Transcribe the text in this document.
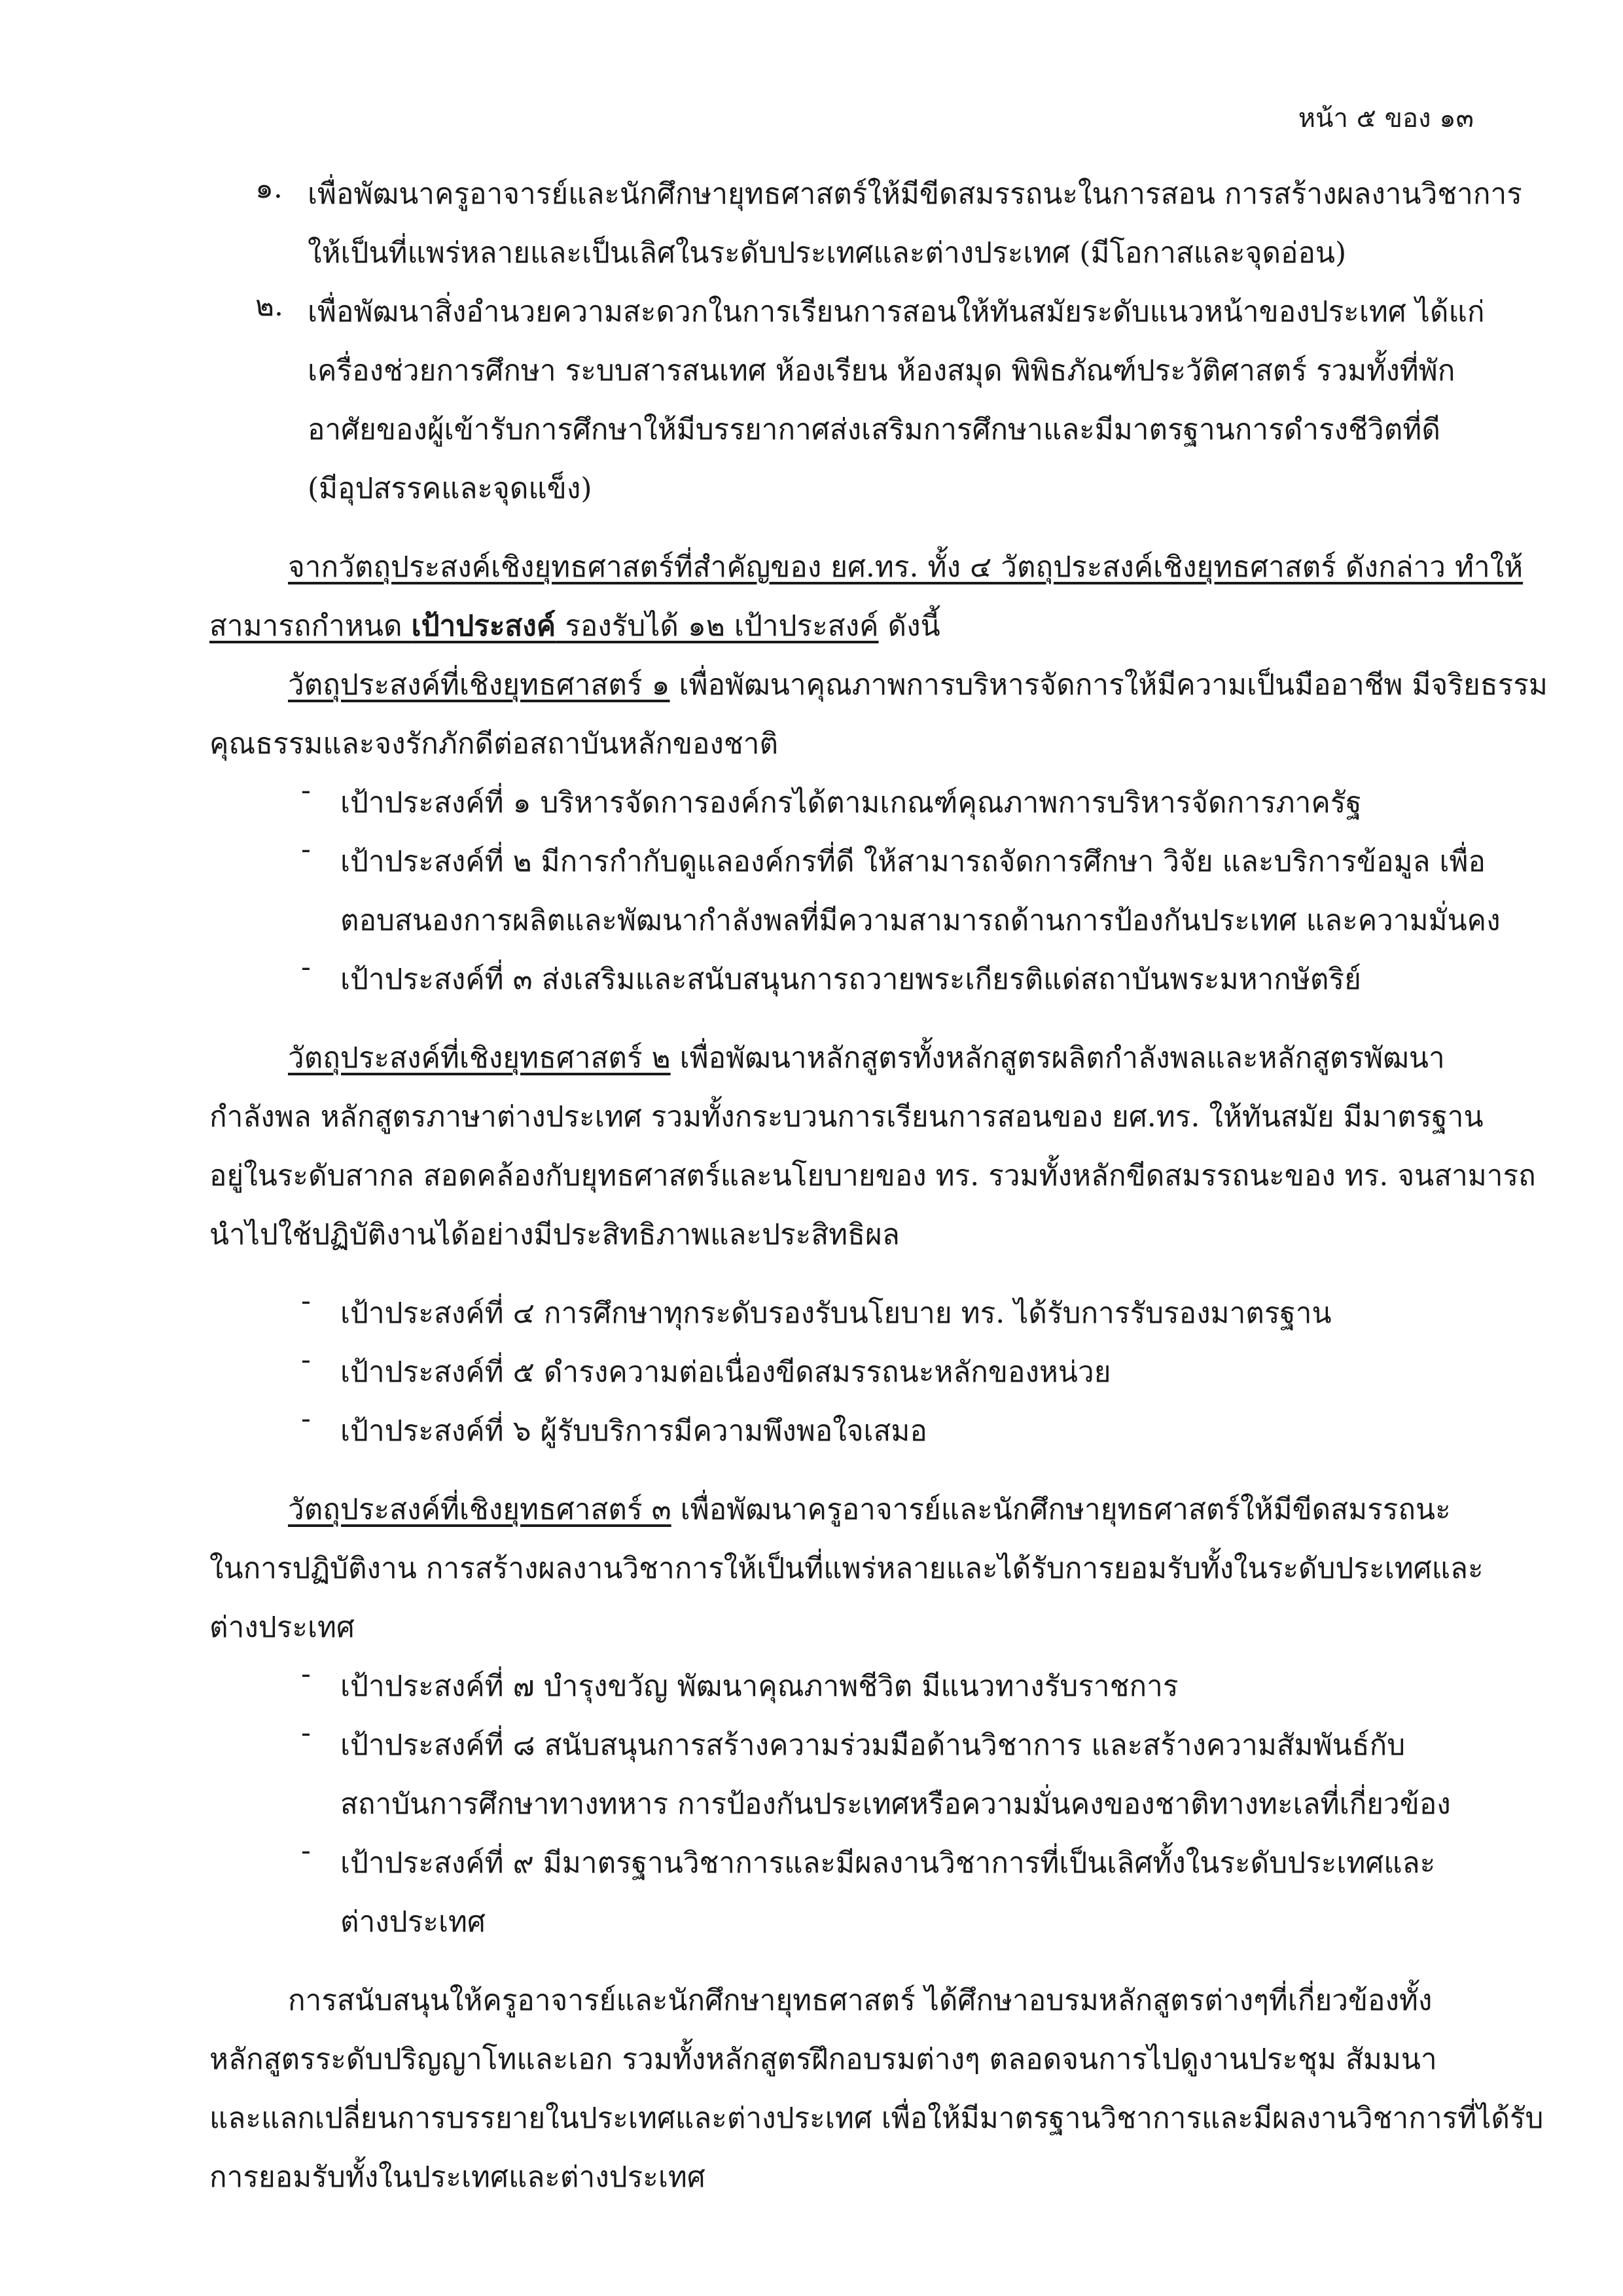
หน้า ๕ ของ ๑๓
๑. เพื่อพัฒนาครูอาจารย์และนักศึกษายุทธศาสตร์ให้มีขีดสมรรถนะในการสอน การสร้างผลงานวิชาการ
ให้เป็นที่แพร่หลายและเป็นเลิศในระดับประเทศและต่างประเทศ (มีโอกาสและจุดอ่อน)
๒. เพื่อพัฒนาสิ่งอำนวยความสะดวกในการเรียนการสอนให้ทันสมัยระดับแนวหน้าของประเทศ ได้แก่
เครื่องช่วยการศึกษา ระบบสารสนเทศ ห้องเรียน ห้องสมุด พิพิธภัณฑ์ประวัติศาสตร์ รวมทั้งที่พัก
อาศัยของผู้เข้ารับการศึกษาให้มีบรรยากาศส่งเสริมการศึกษาและมีมาตรฐานการดำรงชีวิตที่ดี
(มีอุปสรรคและจุดแข็ง)
จากวัตถุประสงค์เชิงยุทธศาสตร์ที่สำคัญของ ยศ.ทร. ทั้ง ๔ วัตถุประสงค์เชิงยุทธศาสตร์ ดังกล่าว ทำให้
สามารถกำหนด เป้าประสงค์ รองรับได้ ๑๒ เป้าประสงค์ ดังนี้
วัตถุประสงค์ที่เชิงยุทธศาสตร์ ๑ เพื่อพัฒนาคุณภาพการบริหารจัดการให้มีความเป็นมืออาชีพ มีจริยธรรม
คุณธรรมและจงรักภักดีต่อสถาบันหลักของชาติ
- เป้าประสงค์ที่ ๑ บริหารจัดการองค์กรได้ตามเกณฑ์คุณภาพการบริหารจัดการภาครัฐ
- เป้าประสงค์ที่ ๒ มีการกำกับดูแลองค์กรที่ดี ให้สามารถจัดการศึกษา วิจัย และบริการข้อมูล เพื่อ
ตอบสนองการผลิตและพัฒนากำลังพลที่มีความสามารถด้านการป้องกันประเทศ และความมั่นคง
- เป้าประสงค์ที่ ๓ ส่งเสริมและสนับสนุนการถวายพระเกียรติแด่สถาบันพระมหากษัตริย์
วัตถุประสงค์ที่เชิงยุทธศาสตร์ ๒ เพื่อพัฒนาหลักสูตรทั้งหลักสูตรผลิตกำลังพลและหลักสูตรพัฒนา
กำลังพล หลักสูตรภาษาต่างประเทศ รวมทั้งกระบวนการเรียนการสอนของ ยศ.ทร. ให้ทันสมัย มีมาตรฐาน
อยู่ในระดับสากล สอดคล้องกับยุทธศาสตร์และนโยบายของ ทร. รวมทั้งหลักขีดสมรรถนะของ ทร. จนสามารถ
นำไปใช้ปฏิบัติงานได้อย่างมีประสิทธิภาพและประสิทธิผล
- เป้าประสงค์ที่ ๔ การศึกษาทุกระดับรองรับนโยบาย ทร. ได้รับการรับรองมาตรฐาน
- เป้าประสงค์ที่ ๕ ดำรงความต่อเนื่องขีดสมรรถนะหลักของหน่วย
- เป้าประสงค์ที่ ๖ ผู้รับบริการมีความพึงพอใจเสมอ
วัตถุประสงค์ที่เชิงยุทธศาสตร์ ๓ เพื่อพัฒนาครูอาจารย์และนักศึกษายุทธศาสตร์ให้มีขีดสมรรถนะ
ในการปฏิบัติงาน การสร้างผลงานวิชาการให้เป็นที่แพร่หลายและได้รับการยอมรับทั้งในระดับประเทศและ
ต่างประเทศ
- เป้าประสงค์ที่ ๗ บำรุงขวัญ พัฒนาคุณภาพชีวิต มีแนวทางรับราชการ
- เป้าประสงค์ที่ ๘ สนับสนุนการสร้างความร่วมมือด้านวิชาการ และสร้างความสัมพันธ์กับ
สถาบันการศึกษาทางทหาร การป้องกันประเทศหรือความมั่นคงของชาติทางทะเลที่เกี่ยวข้อง
- เป้าประสงค์ที่ ๙ มีมาตรฐานวิชาการและมีผลงานวิชาการที่เป็นเลิศทั้งในระดับประเทศและ
ต่างประเทศ
การสนับสนุนให้ครูอาจารย์และนักศึกษายุทธศาสตร์ ได้ศึกษาอบรมหลักสูตรต่างๆที่เกี่ยวข้องทั้ง
หลักสูตรระดับปริญญาโทและเอก รวมทั้งหลักสูตรฝึกอบรมต่างๆ ตลอดจนการไปดูงานประชุม สัมมนา
และแลกเปลี่ยนการบรรยายในประเทศและต่างประเทศ เพื่อให้มีมาตรฐานวิชาการและมีผลงานวิชาการที่ได้รับ
การยอมรับทั้งในประเทศและต่างประเทศ
